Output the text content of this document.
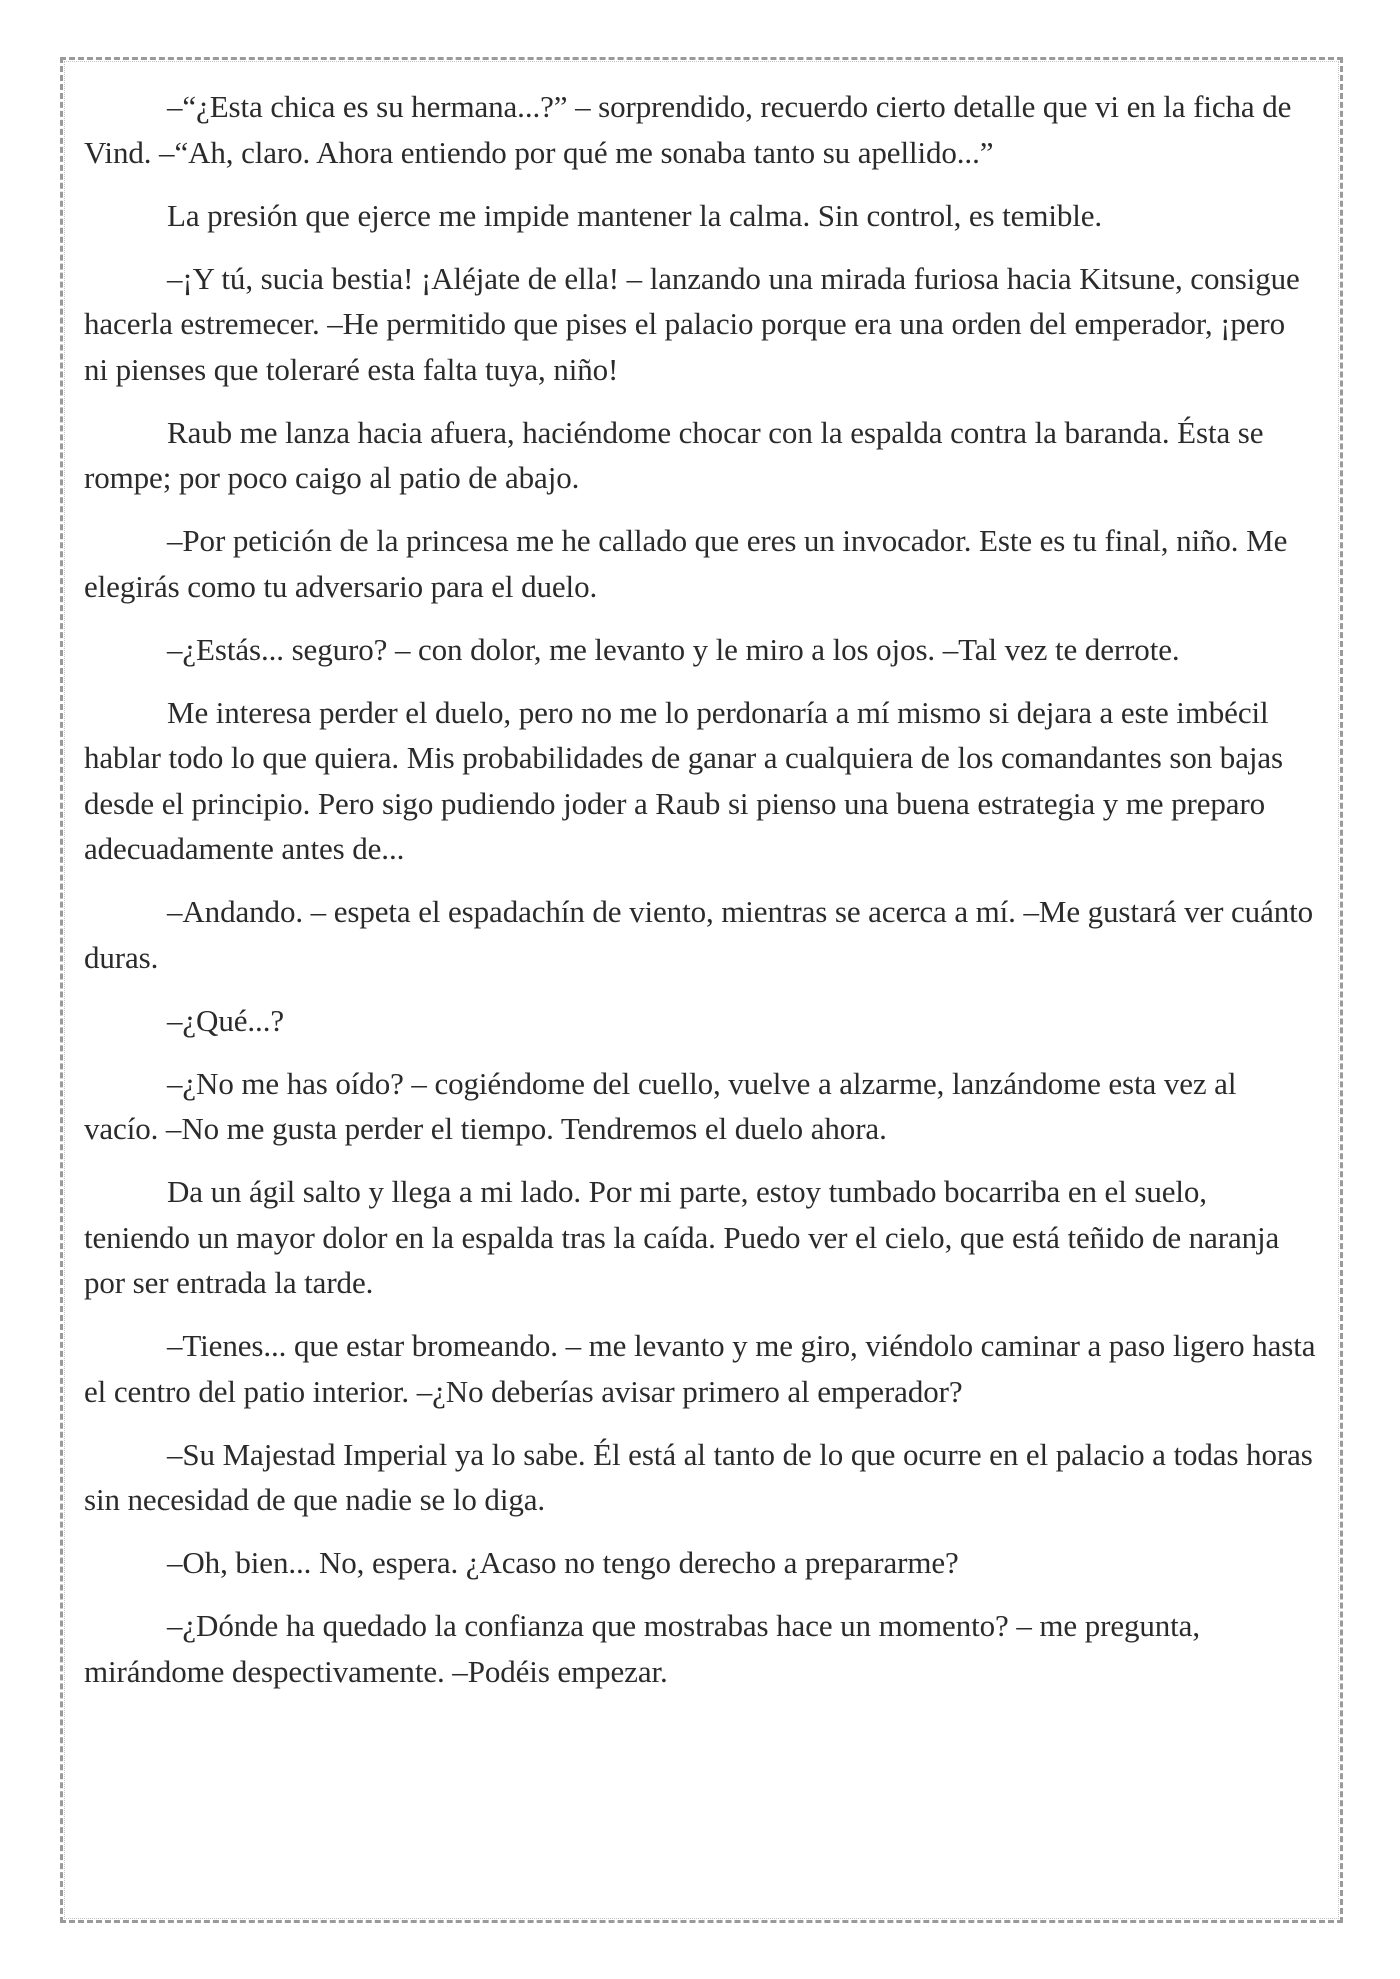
–“¿Esta chica es su hermana...?” – sorprendido, recuerdo cierto detalle que vi en la ficha de Vind. –“Ah, claro. Ahora entiendo por qué me sonaba tanto su apellido...”

La presión que ejerce me impide mantener la calma. Sin control, es temible.

–¡Y tú, sucia bestia! ¡Aléjate de ella! – lanzando una mirada furiosa hacia Kitsune, consigue hacerla estremecer. –He permitido que pises el palacio porque era una orden del emperador, ¡pero ni pienses que toleraré esta falta tuya, niño!

Raub me lanza hacia afuera, haciéndome chocar con la espalda contra la baranda. Ésta se rompe; por poco caigo al patio de abajo.

–Por petición de la princesa me he callado que eres un invocador. Este es tu final, niño. Me elegirás como tu adversario para el duelo.

–¿Estás... seguro? – con dolor, me levanto y le miro a los ojos. –Tal vez te derrote.

Me interesa perder el duelo, pero no me lo perdonaría a mí mismo si dejara a este imbécil hablar todo lo que quiera. Mis probabilidades de ganar a cualquiera de los comandantes son bajas desde el principio. Pero sigo pudiendo joder a Raub si pienso una buena estrategia y me preparo adecuadamente antes de...

–Andando. – espeta el espadachín de viento, mientras se acerca a mí. –Me gustará ver cuánto duras.

–¿Qué...?

–¿No me has oído? – cogiéndome del cuello, vuelve a alzarme, lanzándome esta vez al vacío. –No me gusta perder el tiempo. Tendremos el duelo ahora.

Da un ágil salto y llega a mi lado. Por mi parte, estoy tumbado bocarriba en el suelo, teniendo un mayor dolor en la espalda tras la caída. Puedo ver el cielo, que está teñido de naranja por ser entrada la tarde.

–Tienes... que estar bromeando. – me levanto y me giro, viéndolo caminar a paso ligero hasta el centro del patio interior. –¿No deberías avisar primero al emperador?

–Su Majestad Imperial ya lo sabe. Él está al tanto de lo que ocurre en el palacio a todas horas sin necesidad de que nadie se lo diga.

–Oh, bien... No, espera. ¿Acaso no tengo derecho a prepararme?

–¿Dónde ha quedado la confianza que mostrabas hace un momento? – me pregunta, mirándome despectivamente. –Podéis empezar.
